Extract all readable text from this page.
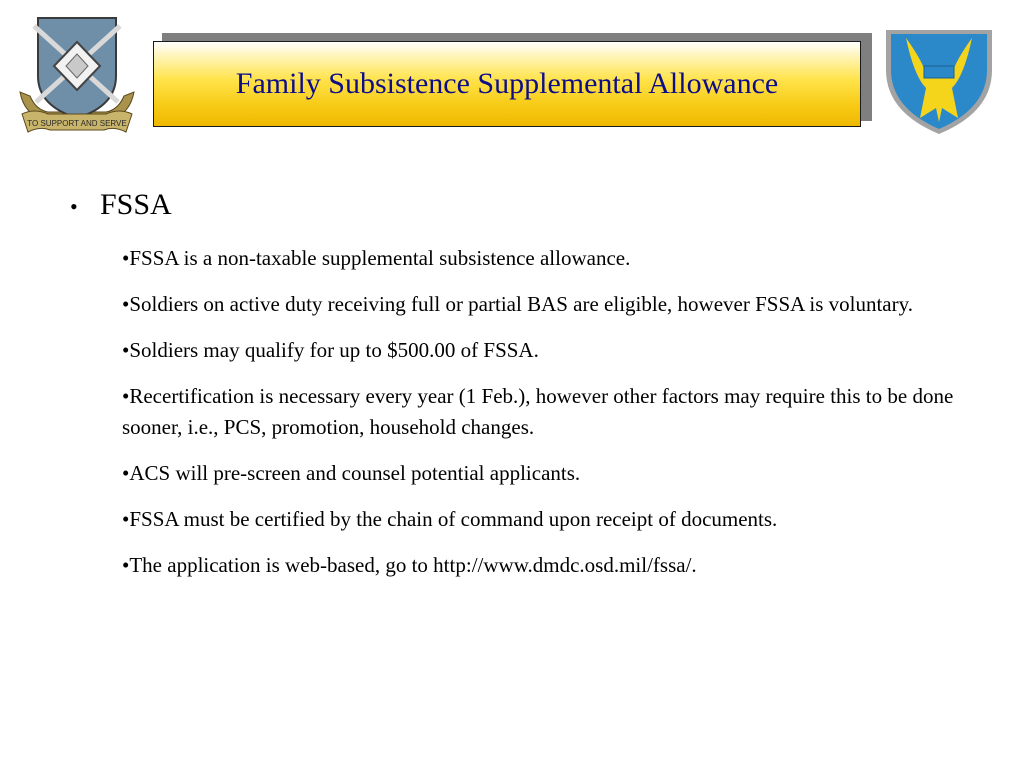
TO SUPPORT AND SERVE
Family Subsistence Supplemental Allowance
• FSSA
•FSSA is a non-taxable supplemental subsistence allowance.
•Soldiers on active duty receiving full or partial BAS are eligible, however FSSA is voluntary.
•Soldiers may qualify for up to $500.00 of FSSA.
•Recertification is necessary every year (1 Feb.), however other factors may require this to be done sooner, i.e., PCS, promotion, household changes.
•ACS will pre-screen and counsel potential applicants.
•FSSA must be certified by the chain of command upon receipt of documents.
•The application is web-based, go to http://www.dmdc.osd.mil/fssa/.
